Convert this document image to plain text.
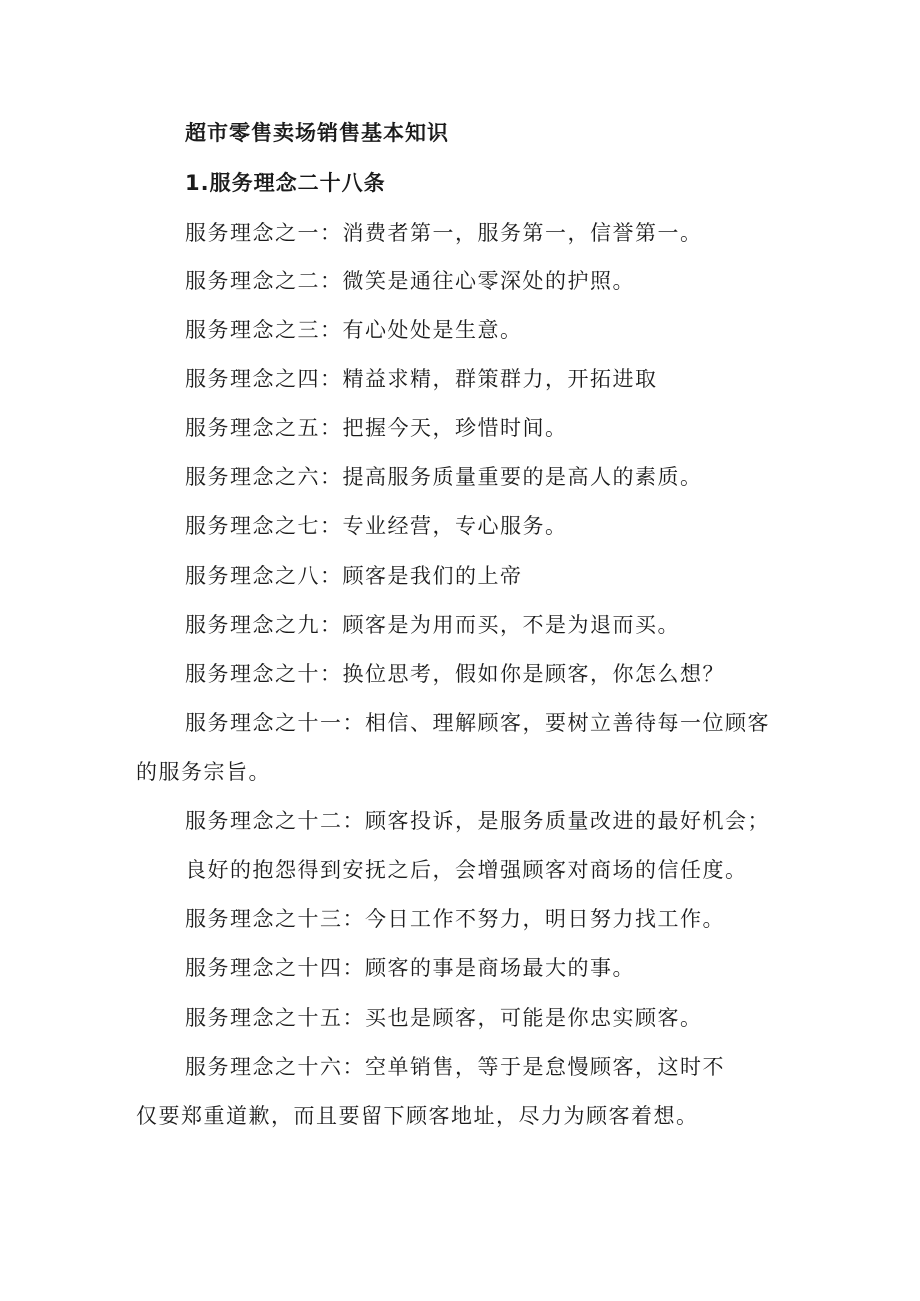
超市零售卖场销售基本知识
1.服务理念二十八条
服务理念之一：消费者第一，服务第一，信誉第一。
服务理念之二：微笑是通往心零深处的护照。
服务理念之三：有心处处是生意。
服务理念之四：精益求精，群策群力，开拓进取
服务理念之五：把握今天，珍惜时间。
服务理念之六：提高服务质量重要的是高人的素质。
服务理念之七：专业经营，专心服务。
服务理念之八：顾客是我们的上帝
服务理念之九：顾客是为用而买，不是为退而买。
服务理念之十：换位思考，假如你是顾客，你怎么想？
服务理念之十一：相信、理解顾客，要树立善待每一位顾客
的服务宗旨。
服务理念之十二：顾客投诉，是服务质量改进的最好机会；
良好的抱怨得到安抚之后，会增强顾客对商场的信任度。
服务理念之十三：今日工作不努力，明日努力找工作。
服务理念之十四：顾客的事是商场最大的事。
服务理念之十五：买也是顾客，可能是你忠实顾客。
服务理念之十六：空单销售，等于是怠慢顾客，这时不
仅要郑重道歉，而且要留下顾客地址，尽力为顾客着想。
